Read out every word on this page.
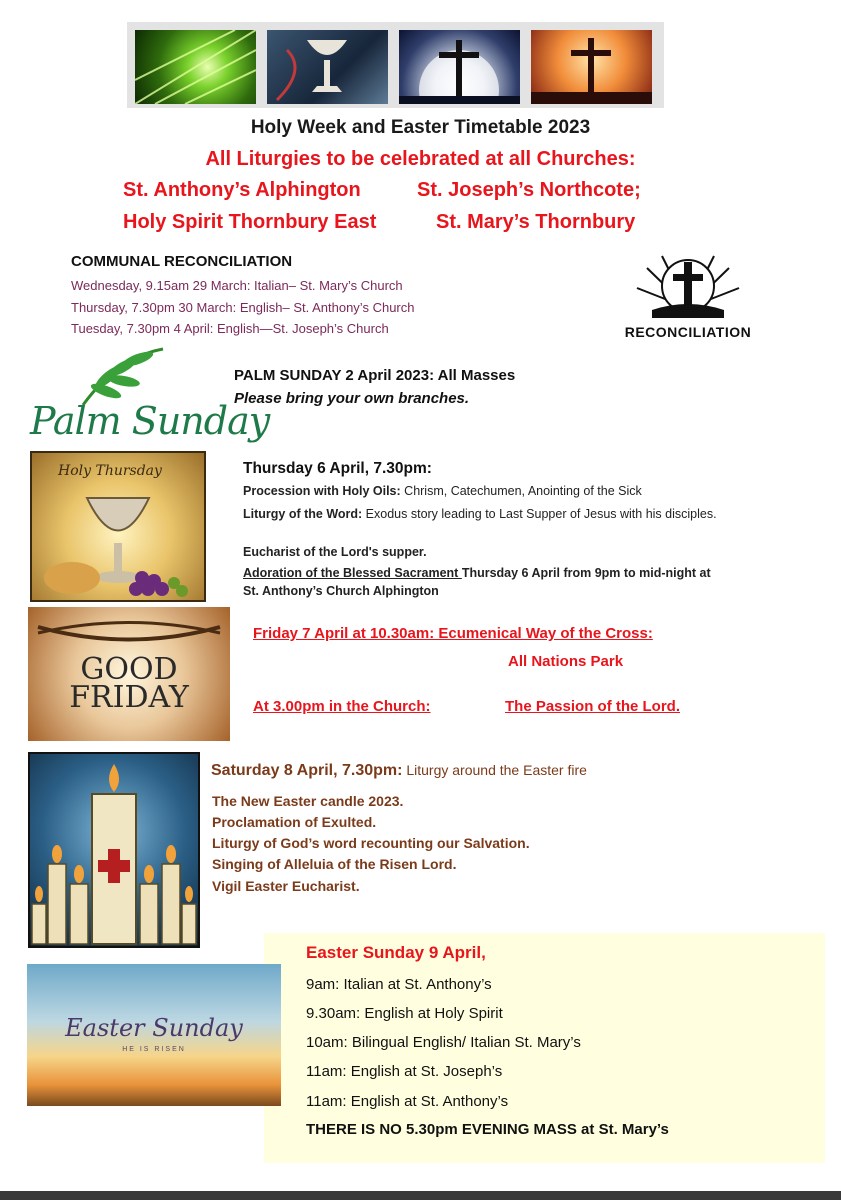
Holy Week and Easter Timetable 2023
All Liturgies to be celebrated at all Churches:
St. Anthony’s Alphington	St. Joseph’s Northcote;
Holy Spirit Thornbury East	St. Mary’s Thornbury
COMMUNAL RECONCILIATION
Wednesday, 9.15am 29 March: Italian– St. Mary’s Church
Thursday, 7.30pm 30 March: English– St. Anthony’s Church
Tuesday, 7.30pm 4 April: English—St. Joseph’s Church	RECONCILIATION
Palm Sunday
PALM SUNDAY 2 April 2023: All Masses
Please bring your own branches.
Holy Thursday	Thursday 6 April, 7.30pm:
Procession with Holy Oils: Chrism, Catechumen, Anointing of the Sick
Liturgy of the Word: Exodus story leading to Last Supper of Jesus with his disciples.
Eucharist of the Lord's supper.
Adoration of the Blessed Sacrament Thursday 6 April from 9pm to mid-night at St. Anthony’s Church Alphington
GOOD
FRIDAY
Friday 7 April at 10.30am: Ecumenical Way of the Cross:
All Nations Park
At 3.00pm in the Church:	The Passion of the Lord.
Saturday 8 April, 7.30pm: Liturgy around the Easter fire
The New Easter candle 2023.
Proclamation of Exulted.
Liturgy of God’s word recounting our Salvation.
Singing of Alleluia of the Risen Lord.
Vigil Easter Eucharist.
Easter Sunday
HE IS RISEN
Easter Sunday 9 April,
9am: Italian at St. Anthony’s
9.30am: English at Holy Spirit
10am: Bilingual English/ Italian St. Mary’s
11am: English at St. Joseph’s
11am: English at St. Anthony’s
THERE IS NO 5.30pm EVENING MASS at St. Mary’s
